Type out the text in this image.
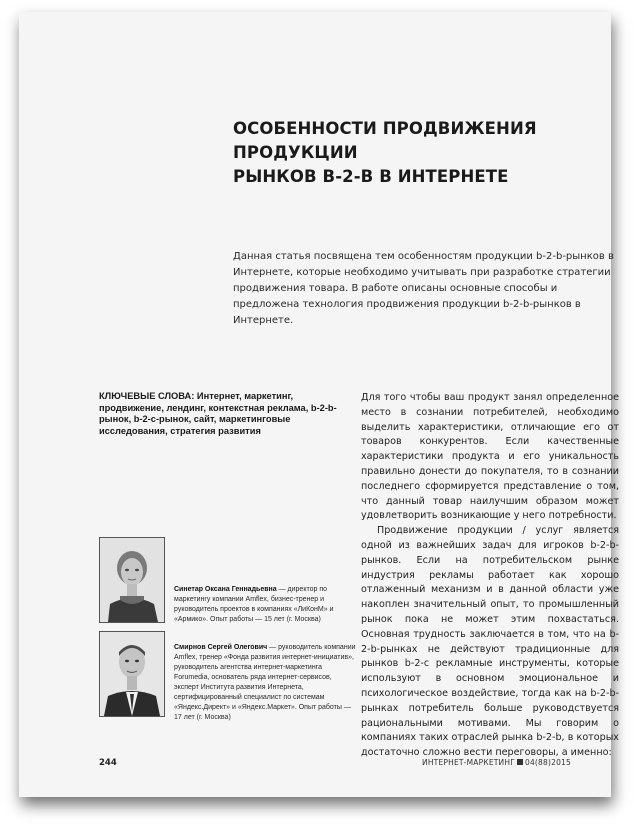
ОСОБЕННОСТИ ПРОДВИЖЕНИЯ ПРОДУКЦИИ
РЫНКОВ B-2-B В ИНТЕРНЕТЕ
Данная статья посвящена тем особенностям продукции b-2-b-рынков в Интернете, которые необходимо учитывать при разработке стратегии продвижения товара. В работе описаны основные способы и предложена технология продвижения продукции b-2-b-рынков в Интернете.
КЛЮЧЕВЫЕ СЛОВА: Интернет, маркетинг, продвижение, лендинг, контекстная реклама, b-2-b-рынок, b-2-c-рынок, сайт, маркетинговые исследования, стратегия развития

Для того чтобы ваш продукт занял определенное место в сознании потребителей, необходимо выделить характеристики, отличающие его от товаров конкурентов. Если качественные характеристики продукта и его уникальность правильно донести до покупателя, то в сознании последнего сформируется представление о том, что данный товар наилучшим образом может удовлетворить возникающие у него потребности.

Продвижение продукции / услуг является одной из важнейших задач для игроков b-2-b-рынков. Если на потребительском рынке индустрия рекламы работает как хорошо отлаженный механизм и в данной области уже накоплен значительный опыт, то промышленный рынок пока не может этим похвастаться. Основная трудность заключается в том, что на b-2-b-рынках не действуют традиционные для рынков b-2-c рекламные инструменты, которые используют в основном эмоциональное и психологическое воздействие, тогда как на b-2-b-рынках потребитель больше руководствуется рациональными мотивами. Мы говорим о компаниях таких отраслей рынка b-2-b, в которых достаточно сложно вести переговоры, а именно:

Синетар Оксана Геннадьевна — директор по маркетингу компании Amflex, бизнес-тренер и руководитель проектов в компаниях «ЛиКонМ» и «Армико». Опыт работы — 15 лет (г. Москва)
Смирнов Сергей Олегович — руководитель компании Amflex, тренер «Фонда развития интернет-инициатив», руководитель агентства интернет-маркетинга Forumedia, основатель ряда интернет-сервисов, эксперт Института развития Интернета, сертифицированный специалист по системам «Яндекс.Директ» и «Яндекс.Маркет». Опыт работы — 17 лет (г. Москва)
244	ИНТЕРНЕТ-МАРКЕТИНГ 04(88)2015
